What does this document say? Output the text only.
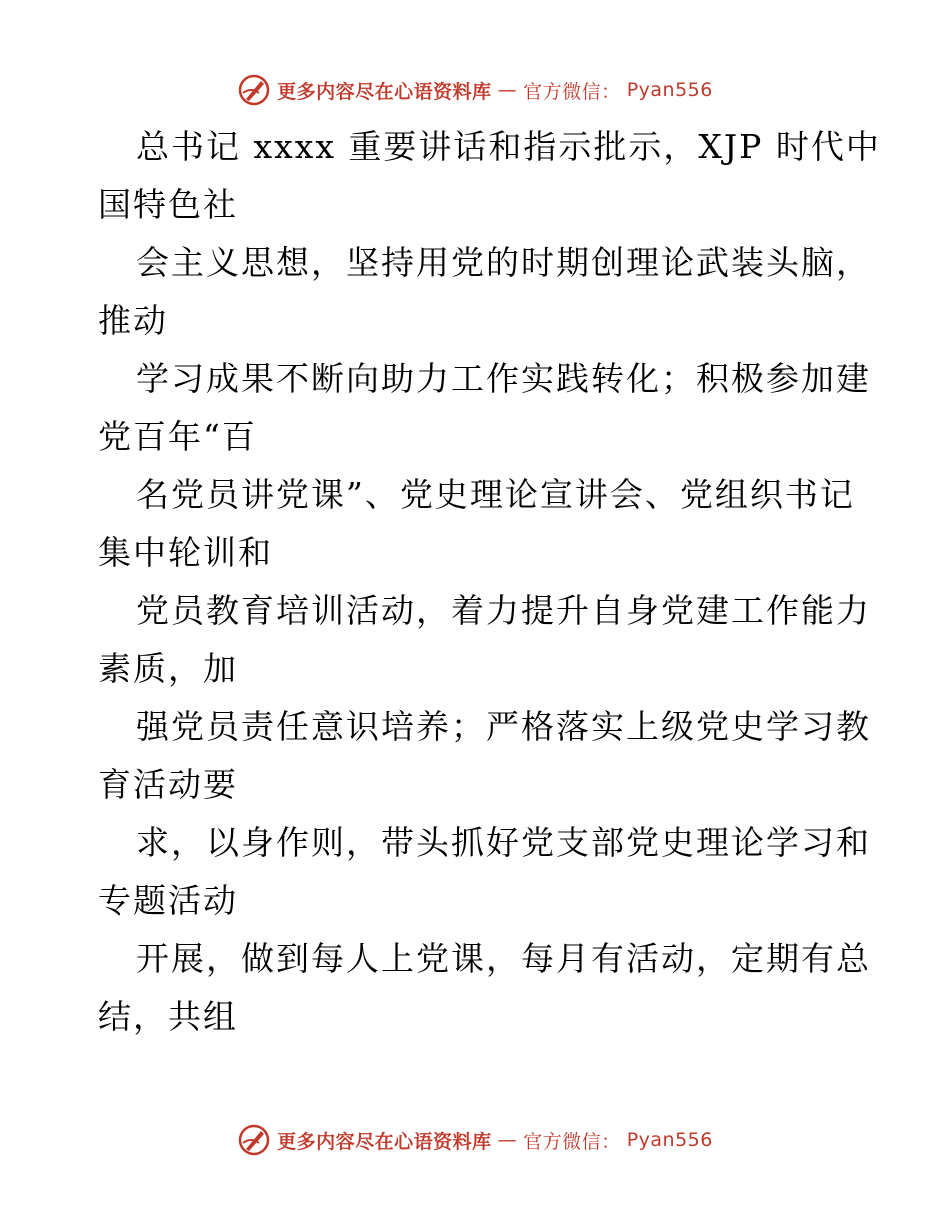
更多内容尽在心语资料库 — 官方微信： Pyan556
总书记 xxxx 重要讲话和指示批示，XJP 时代中
国特色社
会主义思想，坚持用党的时期创理论武装头脑，
推动
学习成果不断向助力工作实践转化；积极参加建
党百年“百
名党员讲党课”、党史理论宣讲会、党组织书记
集中轮训和
党员教育培训活动，着力提升自身党建工作能力
素质，加
强党员责任意识培养；严格落实上级党史学习教
育活动要
求，以身作则，带头抓好党支部党史理论学习和
专题活动
开展，做到每人上党课，每月有活动，定期有总
结，共组
更多内容尽在心语资料库 — 官方微信： Pyan556
